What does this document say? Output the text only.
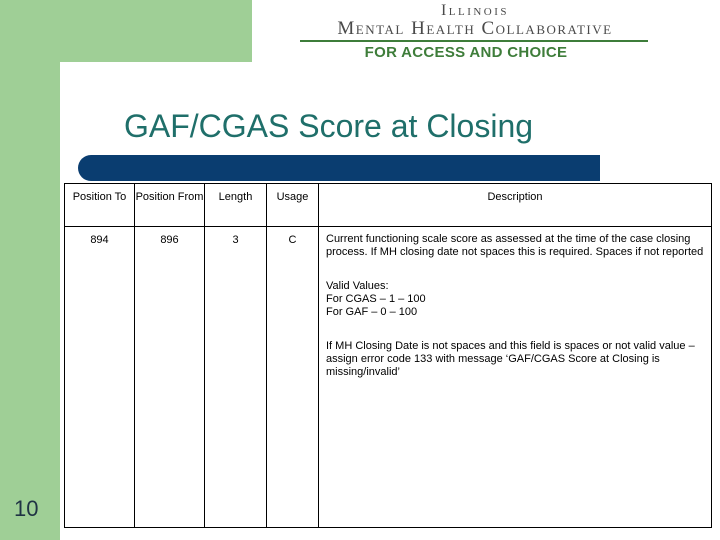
Illinois
Mental Health Collaborative
FOR ACCESS AND CHOICE
GAF/CGAS Score at Closing
Position To	Position From	Length	Usage	Description
894	896	3	C	Current functioning scale score as assessed at the time of the case closing process. If MH closing date not spaces this is required. Spaces if not reported

Valid Values:
For CGAS – 1 – 100
For GAF – 0 – 100

If MH Closing Date is not spaces and this field is spaces or not valid value – assign error code 133 with message ‘GAF/CGAS Score at Closing is missing/invalid’

10
